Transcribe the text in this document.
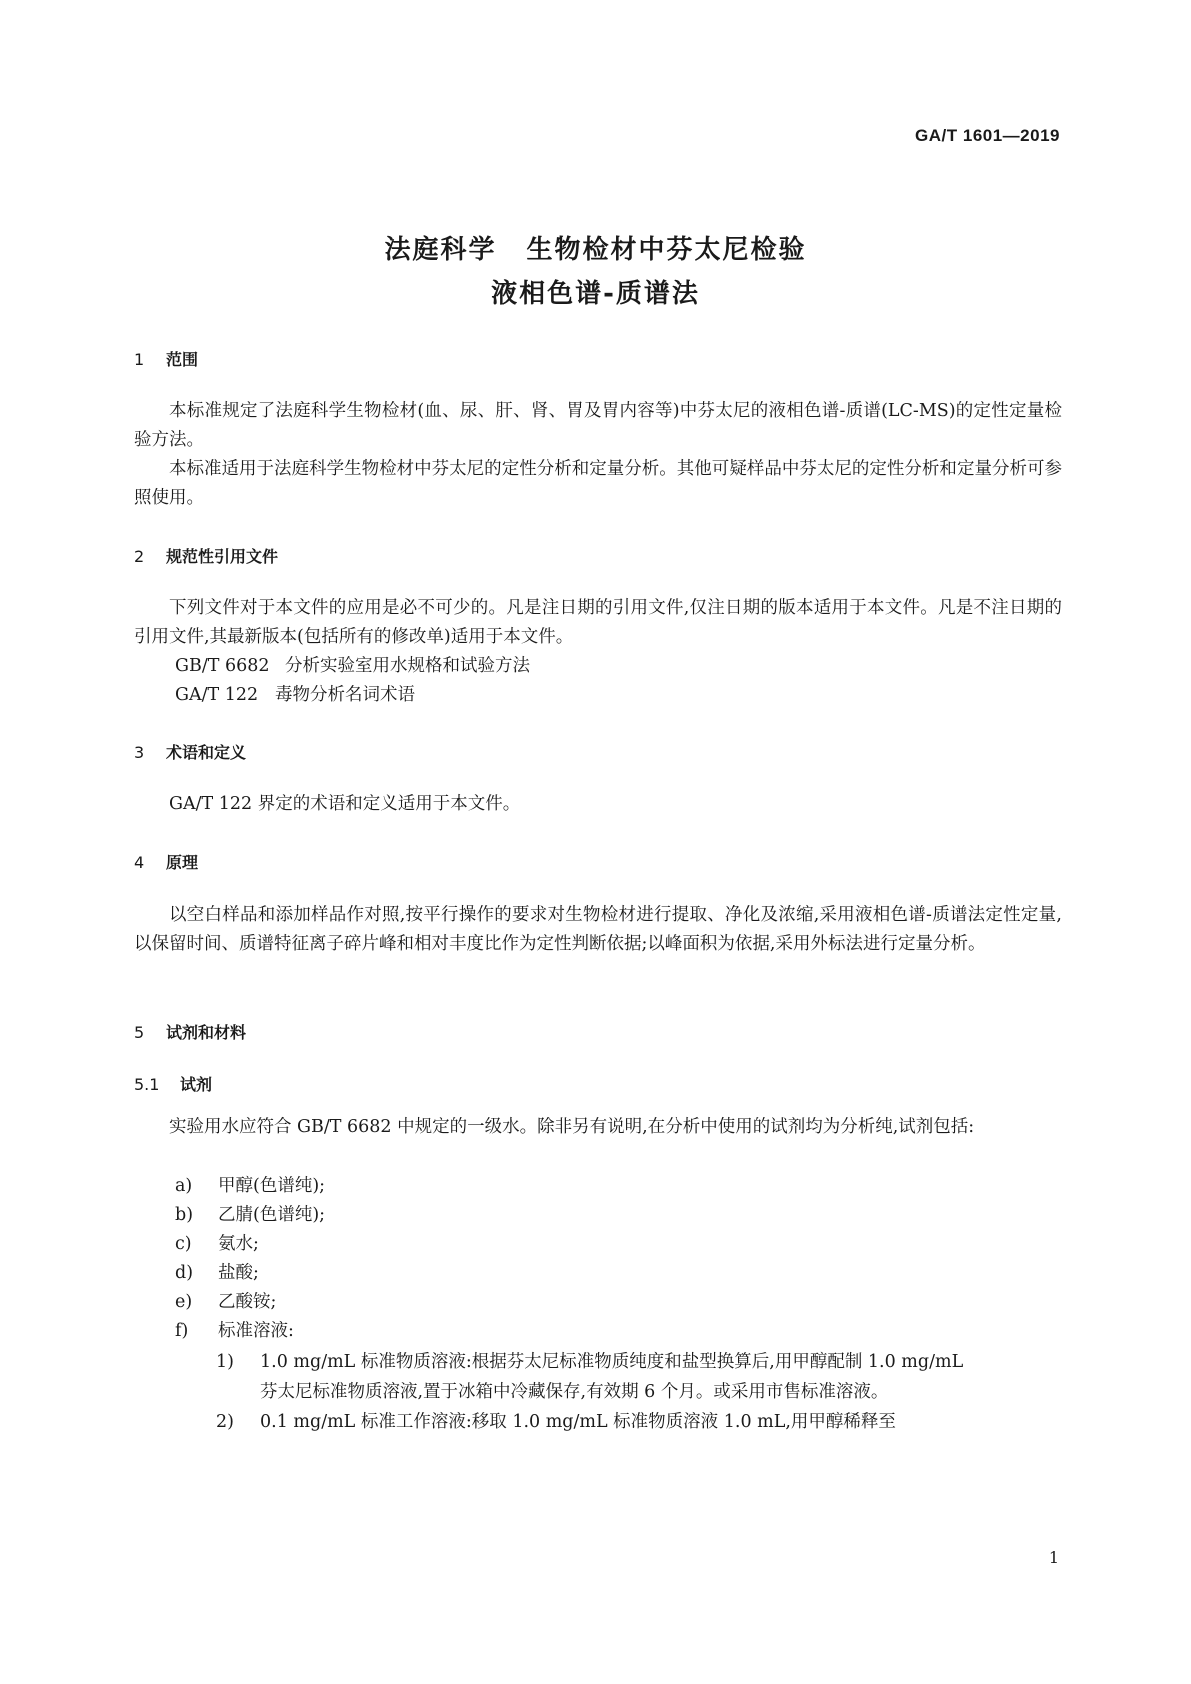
GA/T 1601—2019
法庭科学 生物检材中芬太尼检验
液相色谱-质谱法
1 范围
本标准规定了法庭科学生物检材(血、尿、肝、肾、胃及胃内容等)中芬太尼的液相色谱-质谱(LC-MS)的定性定量检验方法。
本标准适用于法庭科学生物检材中芬太尼的定性分析和定量分析。其他可疑样品中芬太尼的定性分析和定量分析可参照使用。
2 规范性引用文件
下列文件对于本文件的应用是必不可少的。凡是注日期的引用文件,仅注日期的版本适用于本文件。凡是不注日期的引用文件,其最新版本(包括所有的修改单)适用于本文件。
GB/T 6682 分析实验室用水规格和试验方法
GA/T 122 毒物分析名词术语
3 术语和定义
GA/T 122 界定的术语和定义适用于本文件。
4 原理
以空白样品和添加样品作对照,按平行操作的要求对生物检材进行提取、净化及浓缩,采用液相色谱-质谱法定性定量,以保留时间、质谱特征离子碎片峰和相对丰度比作为定性判断依据;以峰面积为依据,采用外标法进行定量分析。
5 试剂和材料
5.1 试剂
实验用水应符合 GB/T 6682 中规定的一级水。除非另有说明,在分析中使用的试剂均为分析纯,试剂包括:
a) 甲醇(色谱纯);
b) 乙腈(色谱纯);
c) 氨水;
d) 盐酸;
e) 乙酸铵;
f) 标准溶液:
1) 1.0 mg/mL 标准物质溶液:根据芬太尼标准物质纯度和盐型换算后,用甲醇配制 1.0 mg/mL
芬太尼标准物质溶液,置于冰箱中冷藏保存,有效期 6 个月。或采用市售标准溶液。
2) 0.1 mg/mL 标准工作溶液:移取 1.0 mg/mL 标准物质溶液 1.0 mL,用甲醇稀释至
1
